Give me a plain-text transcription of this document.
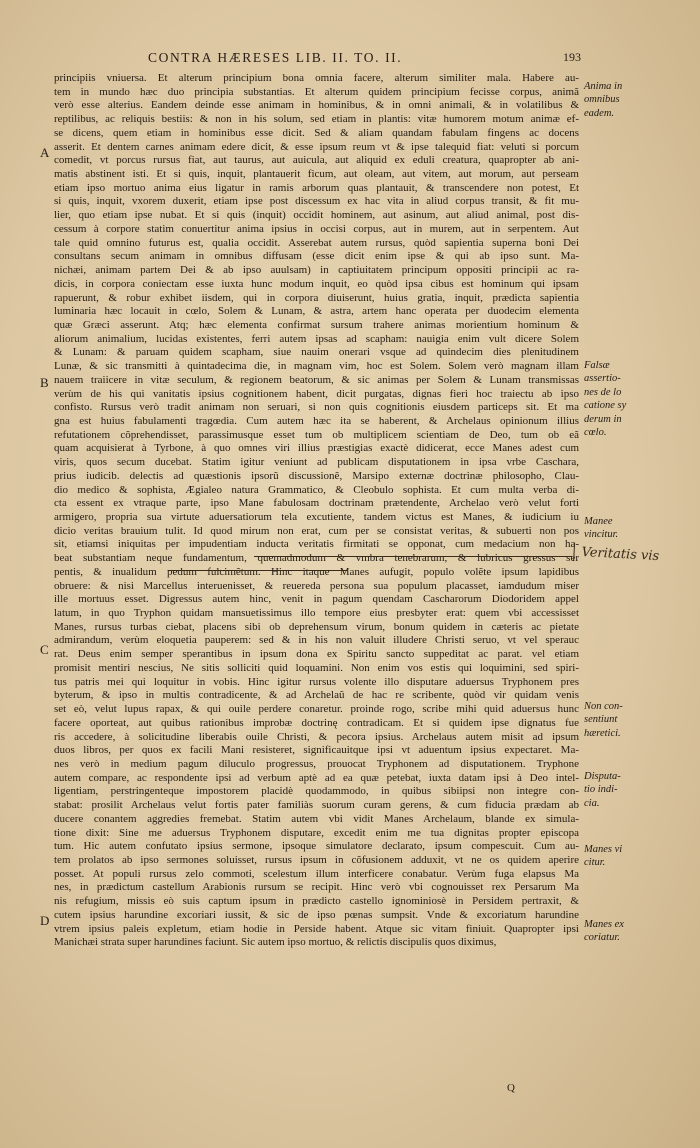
CONTRA HÆRESES LIB. II. TO. II.	193
principiis vniuersa. Et alterum principium bona omnia facere, alterum similiter mala. Habere au-
tem in mundo hæc duo principia substantias. Et alterum quidem principium fecisse corpus, animã
verò esse alterius. Eandem deinde esse animam in hominibus, & in omni animali, & in volatilibus &
reptilibus, ac reliquis bestiis: & non in his solum, sed etiam in plantis: vitæ humorem motum animæ ef-
se dicens, quem etiam in hominibus esse dicit. Sed & aliam quandam fabulam fingens ac docens
asserit. Et dentem carnes animam edere dicit, & esse ipsum reum vt & ipse talequid fiat: veluti si porcum
comedit, vt porcus rursus fiat, aut taurus, aut auicula, aut aliquid ex eduli creatura, quapropter ab ani-
matis abstinent isti. Et si quis, inquit, plantauerit ficum, aut oleam, aut vitem, aut morum, aut perseam
etiam ipso mortuo anima eius ligatur in ramis arborum quas plantauit, & transcendere non potest, Et
si quis, inquit, vxorem duxerit, etiam ipse post discessum ex hac vita in aliud corpus transit, & fit mu-
lier, quo etiam ipse nubat. Et si quis (inquit) occidit hominem, aut asinum, aut aliud animal, post dis-
cessum à corpore statim conuertitur anima ipsius in occisi corpus, aut in murem, aut in serpentem. Aut
tale quid omnino futurus est, qualia occidit. Asserebat autem rursus, quòd sapientia superna boni Dei
consultans secum animam in omnibus diffusam (esse dicit enim ipse & qui ab ipso sunt. Ma-
nichæi, animam partem Dei & ab ipso auulsam) in captiuitatem principum oppositi principii ac ra-
dicis, in corpora coniectam esse iuxta hunc modum inquit, eo quòd ipsa cibus est hominum qui ipsam
rapuerunt, & robur exhibet iisdem, qui in corpora diuiserunt, huius gratia, inquit, prædicta sapientia
luminaria hæc locauit in cœlo, Solem & Lunam, & astra, artem hanc operata per duodecim elementa
quæ Græci asserunt. Atq; hæc elementa confirmat sursum trahere animas morientium hominum &
aliorum animalium, lucidas existentes, ferri autem ipsas ad scapham: nauigia enim vult dicere Solem
& Lunam: & paruam quidem scapham, siue nauim onerari vsque ad quindecim dies plenitudinem
Lunæ, & sic transmitti à quintadecima die, in magnam vim, hoc est Solem. Solem verò magnam illam
nauem traiicere in vitæ seculum, & regionem beatorum, & sic animas per Solem & Lunam transmissas
verùm de his qui vanitatis ipsius cognitionem habent, dicit purgatas, dignas fieri hoc traiectu ab ipso
confisto. Rursus verò tradit animam non seruari, si non quis cognitionis eiusdem particeps sit. Et ma
gna est huius fabulamenti tragœdia. Cum autem hæc ita se haberent, & Archelaus opinionum illius
refutationem cõprehendisset, parassimusque esset tum ob multiplicem scientiam de Deo, tum ob eã
quam acquisierat à Tyrbone, à quo omnes viri illius præstigias exactè didicerat, ecce Manes adest cum
viris, quos secum ducebat. Statim igitur veniunt ad publicam disputationem in ipsa vrbe Caschara,
prius iudicib. delectis ad quæstionis ipsorũ discussionẽ, Marsipo externæ doctrinæ philosopho, Clau-
dio medico & sophista, Ægialeo natura Grammatico, & Cleobulo sophista. Et cum multa verba di-
cta essent ex vtraque parte, ipso Mane fabulosam doctrinam prætendente, Archelao verò velut forti
armigero, propria sua virtute aduersatiorum tela excutiente, tandem victus est Manes, & iudicium iu
dicio veritas brauium tulit. Id quod mirum non erat, cum per se consistat veritas, & subuerti non pos
sit, etiamsi iniquitas per impudentiam inducta veritatis firmitati se opponat, cum medacium non ha-
beat substantiam neque fundamentum, quemadmodum & vmbra tenebrarum, & lubricus gressus ser
pentis, & inualidum pedum fulcimẽtum. Hinc itaque Manes aufugit, populo volẽte ipsum lapidibus
obruere: & nisi Marcellus interuenisset, & reuereda persona sua populum placasset, iamdudum miser
ille mortuus esset. Digressus autem hinc, venit in pagum quendam Cascharorum Diodoridem appel
latum, in quo Tryphon quidam mansuetissimus illo tempore eius presbyter erat: quem vbi accessisset
Manes, rursus turbas ciebat, placens sibi ob deprehensum virum, bonum quidem in cæteris ac pietate
admirandum, verùm eloquetia pauperem: sed & in his non valuit illudere Christi seruo, vt vel sperauc
rat. Deus enim semper sperantibus in ipsum dona ex Spiritu sancto suppeditat ac parat. vel etiam
promisit mentiri nescius, Ne sitis solliciti quid loquamini. Non enim vos estis qui loquimini, sed spiri-
tus patris mei qui loquitur in vobis. Hinc igitur rursus volente illo disputare aduersus Tryphonem pres
byterum, & ipso in multis contradicente, & ad Archelaũ de hac re scribente, quòd vir quidam venis
set eò, velut lupus rapax, & qui ouile perdere conaretur. proinde rogo, scribe mihi quid aduersus hunc
facere oporteat, aut quibus rationibus improbæ doctrinę contradicam. Et si quidem ipse dignatus fue
ris accedere, à solicitudine liberabis ouile Christi, & pecora ipsius. Archelaus autem misit ad ipsum
duos libros, per quos ex facili Mani resisteret, significauitque ipsi vt aduentum ipsius expectaret. Ma-
nes verò in medium pagum diluculo progressus, prouocat Tryphonem ad disputationem. Tryphone
autem compare, ac respondente ipsi ad verbum aptè ad ea quæ petebat, iuxta datam ipsi à Deo intel-
ligentiam, perstringenteque impostorem placidè quodammodo, in quibus sibiipsi non integre con-
stabat: prosilit Archelaus velut fortis pater familiàs suorum curam gerens, & cum fiducia prædam ab
ducere conantem aggredies fremebat. Statim autem vbi vidit Manes Archelaum, blande ex simula-
tione dixit: Sine me aduersus Tryphonem disputare, excedit enim me tua dignitas propter episcopa
tum. Hic autem confutato ipsius sermone, ipsoque simulatore declarato, ipsum compescuit. Cum au-
tem prolatos ab ipso sermones soluisset, rursus ipsum in cõfusionem adduxit, vt ne os quidem aperire
posset. At populi rursus zelo commoti, scelestum illum interficere conabatur. Verùm fuga elapsus Ma
nes, in prædictum castellum Arabionis rursum se recipit. Hinc verò vbi cognouisset rex Persarum Ma
nis refugium, missis eò suis captum ipsum in prædicto castello ignominiosè in Persidem pertraxit, &
cutem ipsius harundine excoriari iussit, & sic de ipso pœnas sumpsit. Vnde & excoriatum harundine
vtrem ipsius paleis expletum, etiam hodie in Perside habent. Atque sic vitam finiuit. Quapropter ipsi
Manichæi strata super harundines faciunt. Sic autem ipso mortuo, & relictis discipulis quos diximus,
A
B
C
D
Anima in
omnibus
eadem.
Falsæ
assertio-
nes de lo
catione sy
derum in
cœlo.
Manee
vincitur.
Non con-
sentiunt
hæretici.
Disputa-
tio indi-
cia.
Manes vi
citur.
Manes ex
coriatur.
Veritatis vis
Q
